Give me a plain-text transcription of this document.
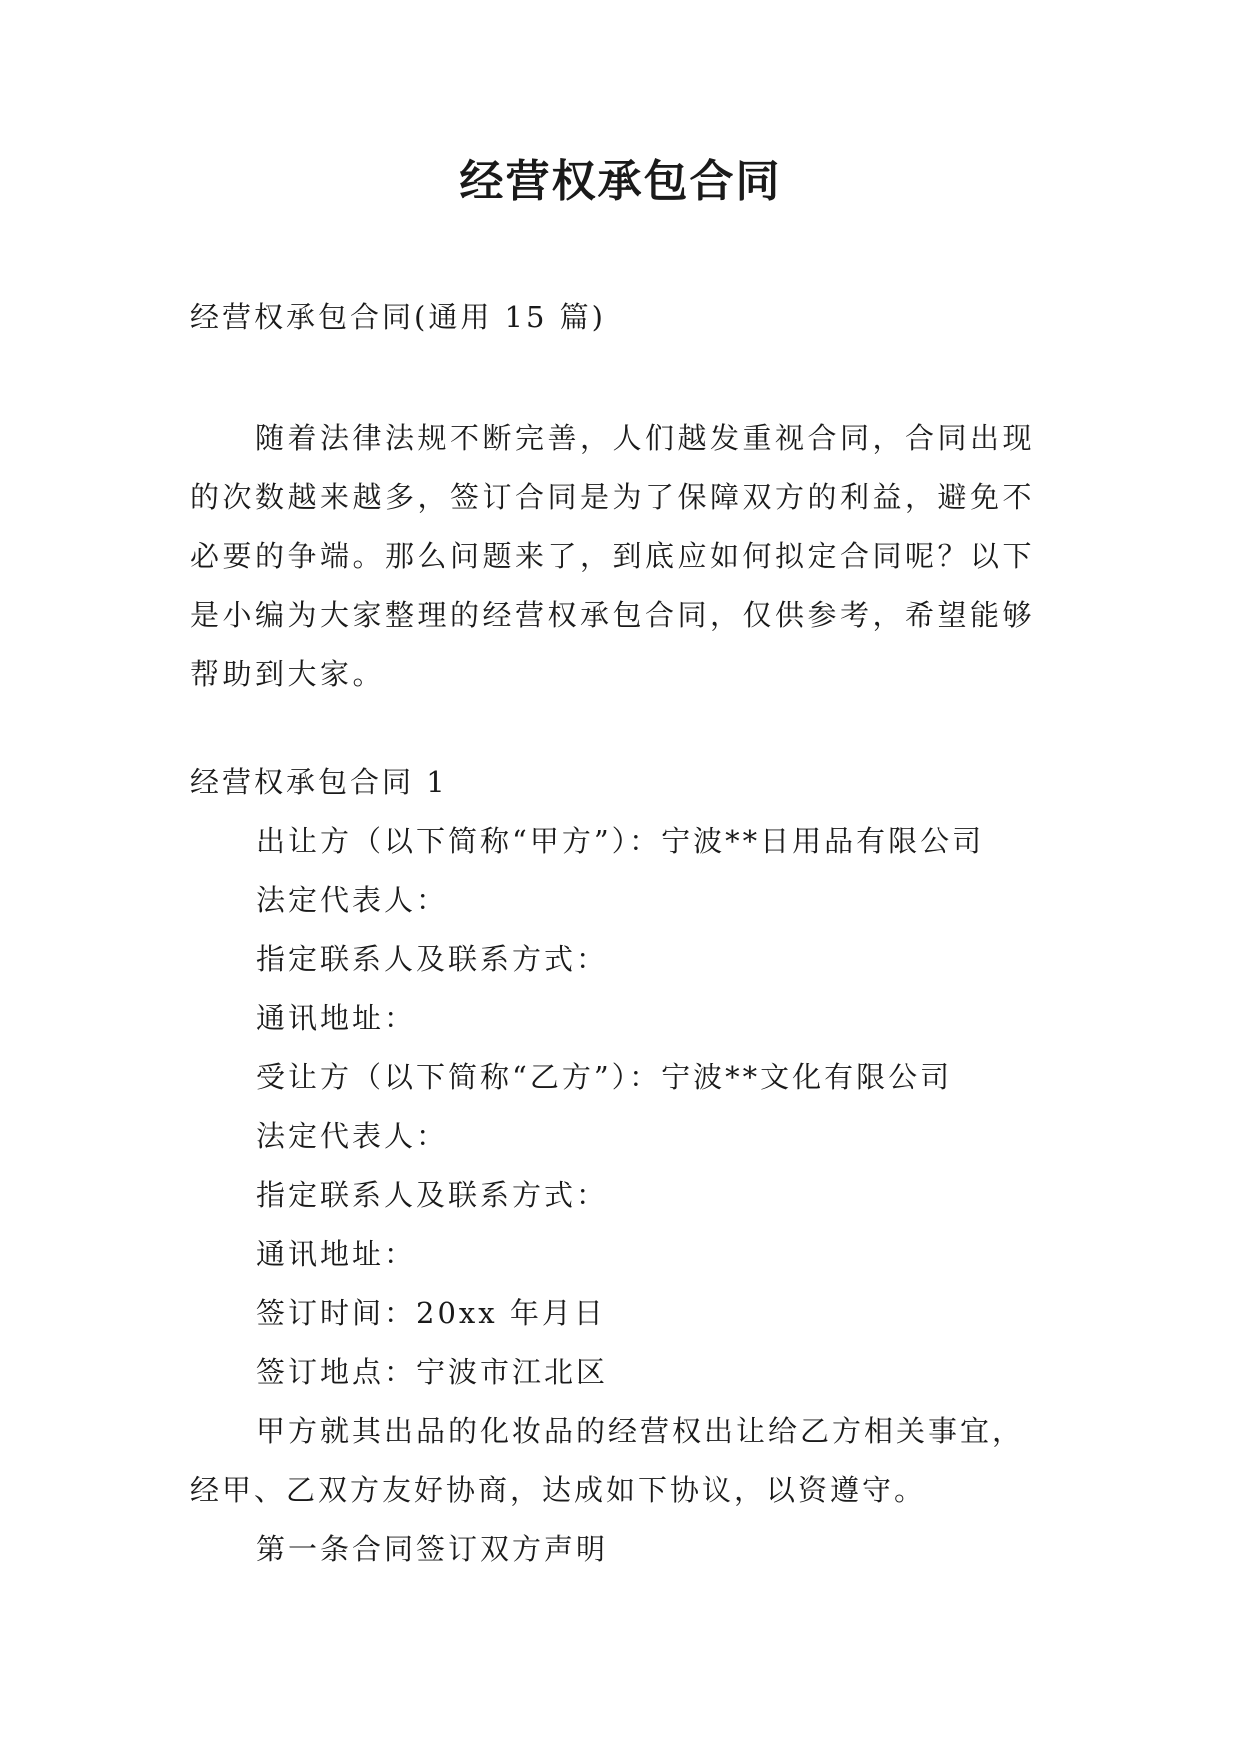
经营权承包合同

经营权承包合同(通用 15 篇)

　　随着法律法规不断完善，人们越发重视合同，合同出现
的次数越来越多，签订合同是为了保障双方的利益，避免不
必要的争端。那么问题来了，到底应如何拟定合同呢？以下
是小编为大家整理的经营权承包合同，仅供参考，希望能够
帮助到大家。

经营权承包合同 1

出让方（以下简称“甲方”）：宁波**日用品有限公司

法定代表人：

指定联系人及联系方式：

通讯地址：

受让方（以下简称“乙方”）：宁波**文化有限公司

法定代表人：

指定联系人及联系方式：

通讯地址：

签订时间：20xx 年月日

签订地点：宁波市江北区

甲方就其出品的化妆品的经营权出让给乙方相关事宜，

经甲、乙双方友好协商，达成如下协议，以资遵守。

第一条合同签订双方声明
